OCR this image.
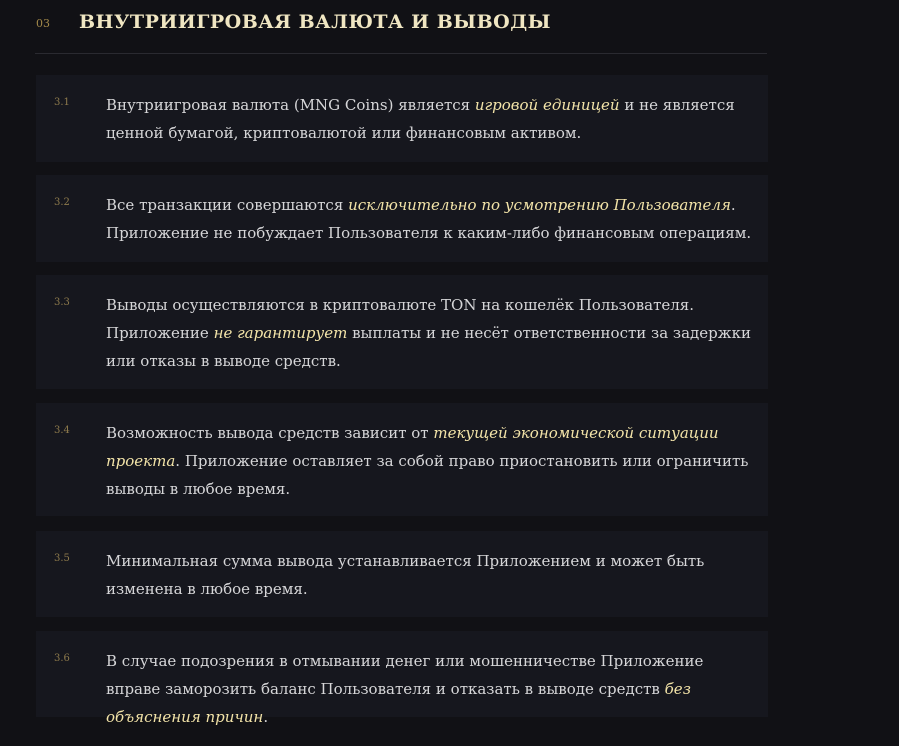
03 ВНУТРИИГРОВАЯ ВАЛЮТА И ВЫВОДЫ
3.1 Внутриигровая валюта (MNG Coins) является игровой единицей и не является ценной бумагой, криптовалютой или финансовым активом.
3.2 Все транзакции совершаются исключительно по усмотрению Пользователя. Приложение не побуждает Пользователя к каким-либо финансовым операциям.
3.3 Выводы осуществляются в криптовалюте TON на кошелёк Пользователя. Приложение не гарантирует выплаты и не несёт ответственности за задержки или отказы в выводе средств.
3.4 Возможность вывода средств зависит от текущей экономической ситуации проекта. Приложение оставляет за собой право приостановить или ограничить выводы в любое время.
3.5 Минимальная сумма вывода устанавливается Приложением и может быть изменена в любое время.
3.6 В случае подозрения в отмывании денег или мошенничестве Приложение вправе заморозить баланс Пользователя и отказать в выводе средств без объяснения причин.
